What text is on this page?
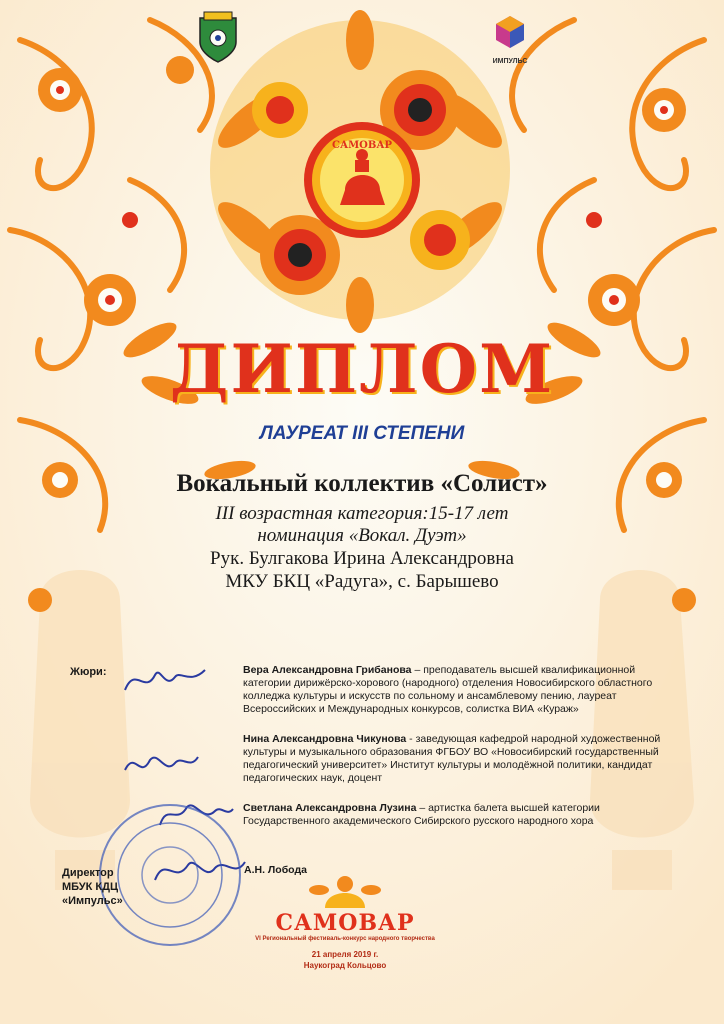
ИМПУЛЬС
САМОВАР
ДИПЛОМ
ЛАУРЕАТ III СТЕПЕНИ
Вокальный коллектив «Солист»
III возрастная категория:15-17 лет
номинация «Вокал. Дуэт»
Рук. Булгакова Ирина Александровна
МКУ БКЦ «Радуга», с. Барышево
Жюри:	Вера Александровна Грибанова – преподаватель высшей квалификационной категории дирижёрско-хорового (народного) отделения Новосибирского областного колледжа культуры и искусств по сольному и ансамблевому пению, лауреат Всероссийских и Международных конкурсов, солистка ВИА «Кураж»
Нина Александровна Чикунова - заведующая кафедрой народной художественной культуры и музыкального образования ФГБОУ ВО «Новосибирский государственный педагогический университет» Институт культуры и молодёжной политики, кандидат педагогических наук, доцент
Светлана Александровна Лузина – артистка балета высшей категории Государственного академического Сибирского русского народного хора
Директор
МБУК КДЦ
«Импульс»
А.Н. Лобода
САМОВАР
VI Региональный фестиваль-конкурс народного творчества
21 апреля 2019 г.
Наукоград Кольцово
